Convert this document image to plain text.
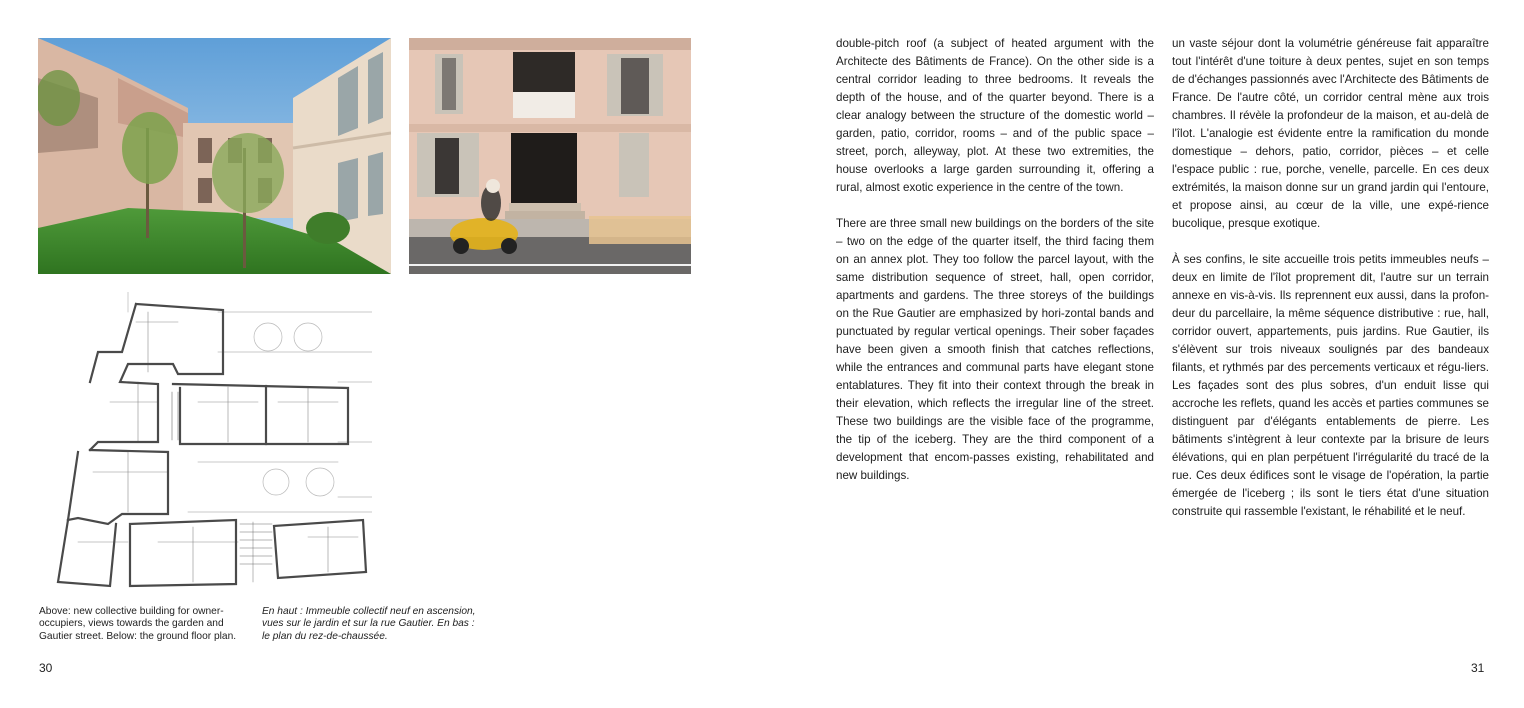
Above: new collective building for owner-occupiers, views towards the garden and Gautier street. Below: the ground floor plan.
En haut : Immeuble collectif neuf en ascension, vues sur le jardin et sur la rue Gautier. En bas : le plan du rez-de-chaussée.
30	31

double-pitch roof (a subject of heated argument with the Architecte des Bâtiments de France). On the other side is a central corridor leading to three bedrooms. It reveals the depth of the house, and of the quarter beyond. There is a clear analogy between the structure of the domestic world – garden, patio, corridor, rooms – and of the public space – street, porch, alleyway, plot. At these two extremities, the house overlooks a large garden surrounding it, offering a rural, almost exotic experience in the centre of the town.

There are three small new buildings on the borders of the site – two on the edge of the quarter itself, the third facing them on an annex plot. They too follow the parcel layout, with the same distribution sequence of street, hall, open corridor, apartments and gardens. The three storeys of the buildings on the Rue Gautier are emphasized by hori-zontal bands and punctuated by regular vertical openings. Their sober façades have been given a smooth finish that catches reflections, while the entrances and communal parts have elegant stone entablatures. They fit into their context through the break in their elevation, which reflects the irregular line of the street. These two buildings are the visible face of the programme, the tip of the iceberg. They are the third component of a development that encom-passes existing, rehabilitated and new buildings.

un vaste séjour dont la volumétrie généreuse fait apparaître tout l'intérêt d'une toiture à deux pentes, sujet en son temps de d'échanges passionnés avec l'Architecte des Bâtiments de France. De l'autre côté, un corridor central mène aux trois chambres. Il révèle la profondeur de la maison, et au-delà de l'îlot. L'analogie est évidente entre la ramification du monde domestique – dehors, patio, corridor, pièces – et celle l'espace public : rue, porche, venelle, parcelle. En ces deux extrémités, la maison donne sur un grand jardin qui l'entoure, et propose ainsi, au cœur de la ville, une expé-rience bucolique, presque exotique.

À ses confins, le site accueille trois petits immeubles neufs – deux en limite de l'îlot proprement dit, l'autre sur un terrain annexe en vis-à-vis. Ils reprennent eux aussi, dans la profon-deur du parcellaire, la même séquence distributive : rue, hall, corridor ouvert, appartements, puis jardins. Rue Gautier, ils s'élèvent sur trois niveaux soulignés par des bandeaux filants, et rythmés par des percements verticaux et régu-liers. Les façades sont des plus sobres, d'un enduit lisse qui accroche les reflets, quand les accès et parties communes se distinguent par d'élégants entablements de pierre. Les bâtiments s'intègrent à leur contexte par la brisure de leurs élévations, qui en plan perpétuent l'irrégularité du tracé de la rue. Ces deux édifices sont le visage de l'opération, la partie émergée de l'iceberg ; ils sont le tiers état d'une situation construite qui rassemble l'existant, le réhabilité et le neuf.
